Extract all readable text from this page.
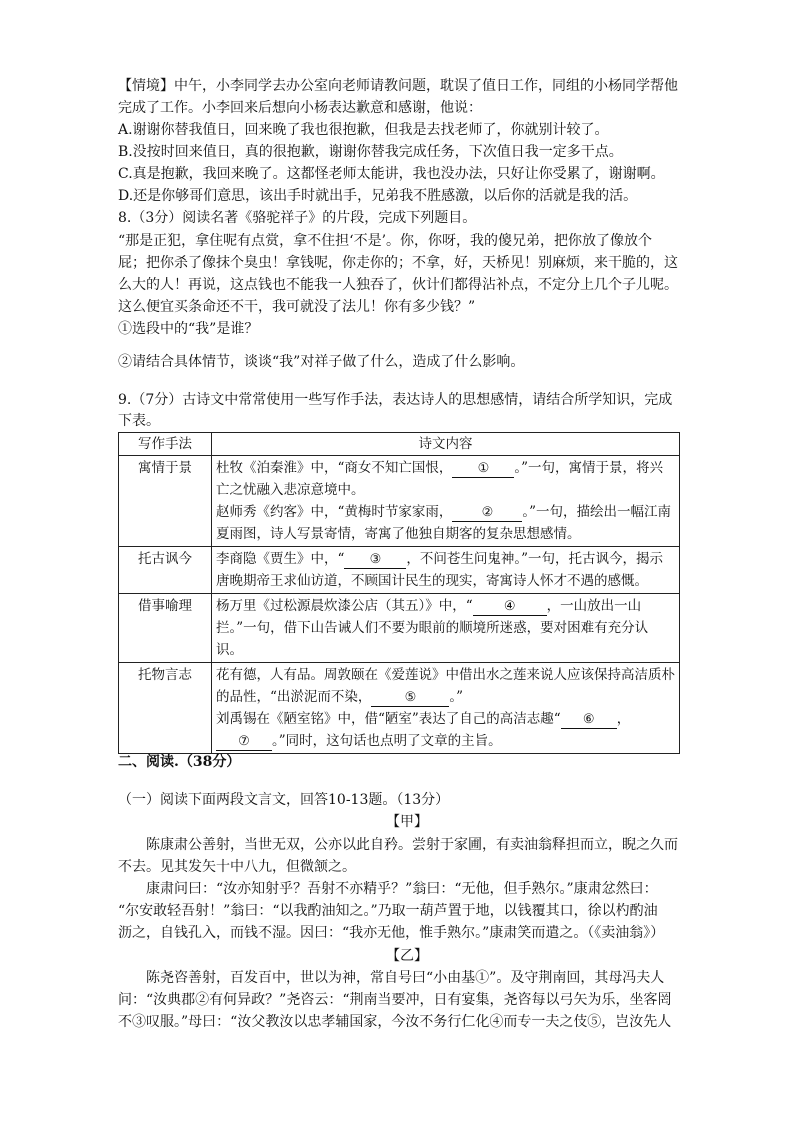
【情境】中午，小李同学去办公室向老师请教问题，耽误了值日工作，同组的小杨同学帮他
完成了工作。小李回来后想向小杨表达歉意和感谢，他说：
A.谢谢你替我值日，回来晚了我也很抱歉，但我是去找老师了，你就别计较了。
B.没按时回来值日，真的很抱歉，谢谢你替我完成任务，下次值日我一定多干点。
C.真是抱歉，我回来晚了。这都怪老师太能讲，我也没办法，只好让你受累了，谢谢啊。
D.还是你够哥们意思，该出手时就出手，兄弟我不胜感激，以后你的活就是我的活。
8.（3分）阅读名著《骆驼祥子》的片段，完成下列题目。
“那是正犯，拿住呢有点赏，拿不住担‘不是’。你，你呀，我的傻兄弟，把你放了像放个
屁；把你杀了像抹个臭虫！拿钱呢，你走你的；不拿，好，天桥见！别麻烦，来干脆的，这
么大的人！再说，这点钱也不能我一人独吞了，伙计们都得沾补点，不定分上几个子儿呢。
这么便宜买条命还不干，我可就没了法儿！你有多少钱？”
①选段中的“我”是谁？
②请结合具体情节，谈谈“我”对祥子做了什么，造成了什么影响。
9.（7分）古诗文中常常使用一些写作手法，表达诗人的思想感情，请结合所学知识，完成
下表。
写作手法	诗文内容
寓情于景	杜牧《泊秦淮》中，“商女不知亡国恨， ① 。”一句，寓情于景，将兴亡之忧融入悲凉意境中。
赵师秀《约客》中，“黄梅时节家家雨， ② 。”一句，描绘出一幅江南夏雨图，诗人写景寄情，寄寓了他独自期客的复杂思想感情。
托古讽今	李商隐《贾生》中，“ ③ ，不问苍生问鬼神。”一句，托古讽今，揭示唐晚期帝王求仙访道，不顾国计民生的现实，寄寓诗人怀才不遇的感慨。
借事喻理	杨万里《过松源晨炊漆公店（其五）》中，“ ④ ，一山放出一山拦。”一句，借下山告诫人们不要为眼前的顺境所迷惑，要对困难有充分认识。
托物言志	花有德，人有品。周敦颐在《爱莲说》中借出水之莲来说人应该保持高洁质朴的品性，“出淤泥而不染， ⑤ 。”
刘禹锡在《陋室铭》中，借“陋室”表达了自己的高洁志趣“ ⑥ ，⑦ 。”同时，这句话也点明了文章的主旨。
二、阅读.（38分）
（一）阅读下面两段文言文，回答10-13题。（13分）
【甲】
陈康肃公善射，当世无双，公亦以此自矜。尝射于家圃，有卖油翁释担而立，睨之久而
不去。见其发矢十中八九，但微颔之。
康肃问曰：“汝亦知射乎？吾射不亦精乎？”翁曰：“无他，但手熟尔。”康肃忿然曰：
“尔安敢轻吾射！”翁曰：“以我酌油知之。”乃取一葫芦置于地，以钱覆其口，徐以杓酌油
沥之，自钱孔入，而钱不湿。因曰：“我亦无他，惟手熟尔。”康肃笑而遣之。（《卖油翁》）
【乙】
陈尧咨善射，百发百中，世以为神，常自号曰“小由基①”。及守荆南回，其母冯夫人
问：“汝典郡②有何异政？”尧咨云：“荆南当要冲，日有宴集，尧咨每以弓矢为乐，坐客罔
不③叹服。”母曰：“汝父教汝以忠孝辅国家，今汝不务行仁化④而专一夫之伎⑤，岂汝先人
